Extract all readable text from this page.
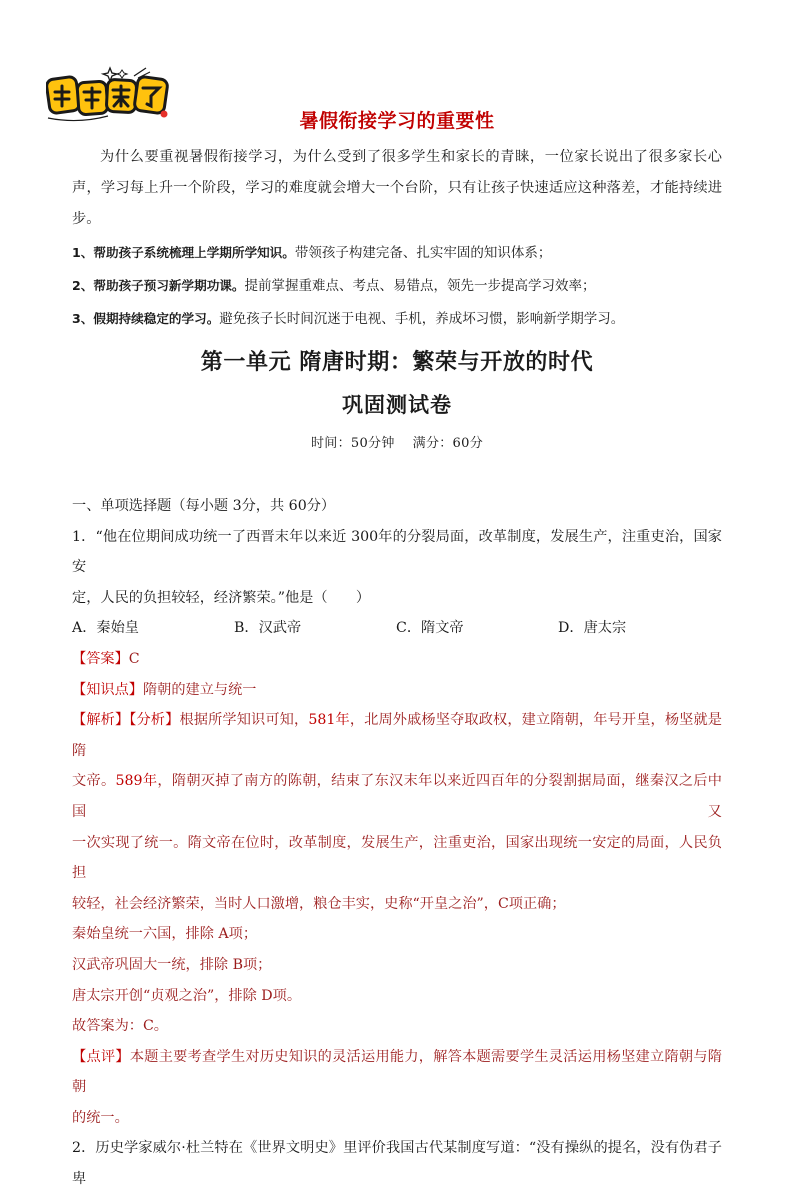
暑假衔接学习的重要性

为什么要重视暑假衔接学习，为什么受到了很多学生和家长的青睐，一位家长说出了很多家长心声，学习每上升一个阶段，学习的难度就会增大一个台阶，只有让孩子快速适应这种落差，才能持续进步。

1、帮助孩子系统梳理上学期所学知识。带领孩子构建完备、扎实牢固的知识体系；

2、帮助孩子预习新学期功课。提前掌握重难点、考点、易错点，领先一步提高学习效率；

3、假期持续稳定的学习。避免孩子长时间沉迷于电视、手机，养成坏习惯，影响新学期学习。

第一单元 隋唐时期：繁荣与开放的时代
巩固测试卷
时间：50分钟 满分：60分

一、单项选择题（每小题 3分，共 60分）

1．“他在位期间成功统一了西晋末年以来近 300年的分裂局面，改革制度，发展生产，注重吏治，国家安

定，人民的负担较轻，经济繁荣。”他是（　　）

A．秦始皇	B．汉武帝	C．隋文帝	D．唐太宗

【答案】C

【知识点】隋朝的建立与统一

【解析】【分析】根据所学知识可知，581年，北周外戚杨坚夺取政权，建立隋朝，年号开皇，杨坚就是隋

文帝。589年，隋朝灭掉了南方的陈朝，结束了东汉末年以来近四百年的分裂割据局面，继秦汉之后中国又

一次实现了统一。隋文帝在位时，改革制度，发展生产，注重吏治，国家出现统一安定的局面，人民负担

较轻，社会经济繁荣，当时人口激增，粮仓丰实，史称“开皇之治”，C项正确；

秦始皇统一六国，排除 A项；

汉武帝巩固大一统，排除 B项；

唐太宗开创“贞观之治”，排除 D项。

故答案为：C。

【点评】本题主要考查学生对历史知识的灵活运用能力，解答本题需要学生灵活运用杨坚建立隋朝与隋朝

的统一。

2．历史学家威尔·杜兰特在《世界文明史》里评价我国古代某制度写道：“没有操纵的提名，没有伪君子卑
